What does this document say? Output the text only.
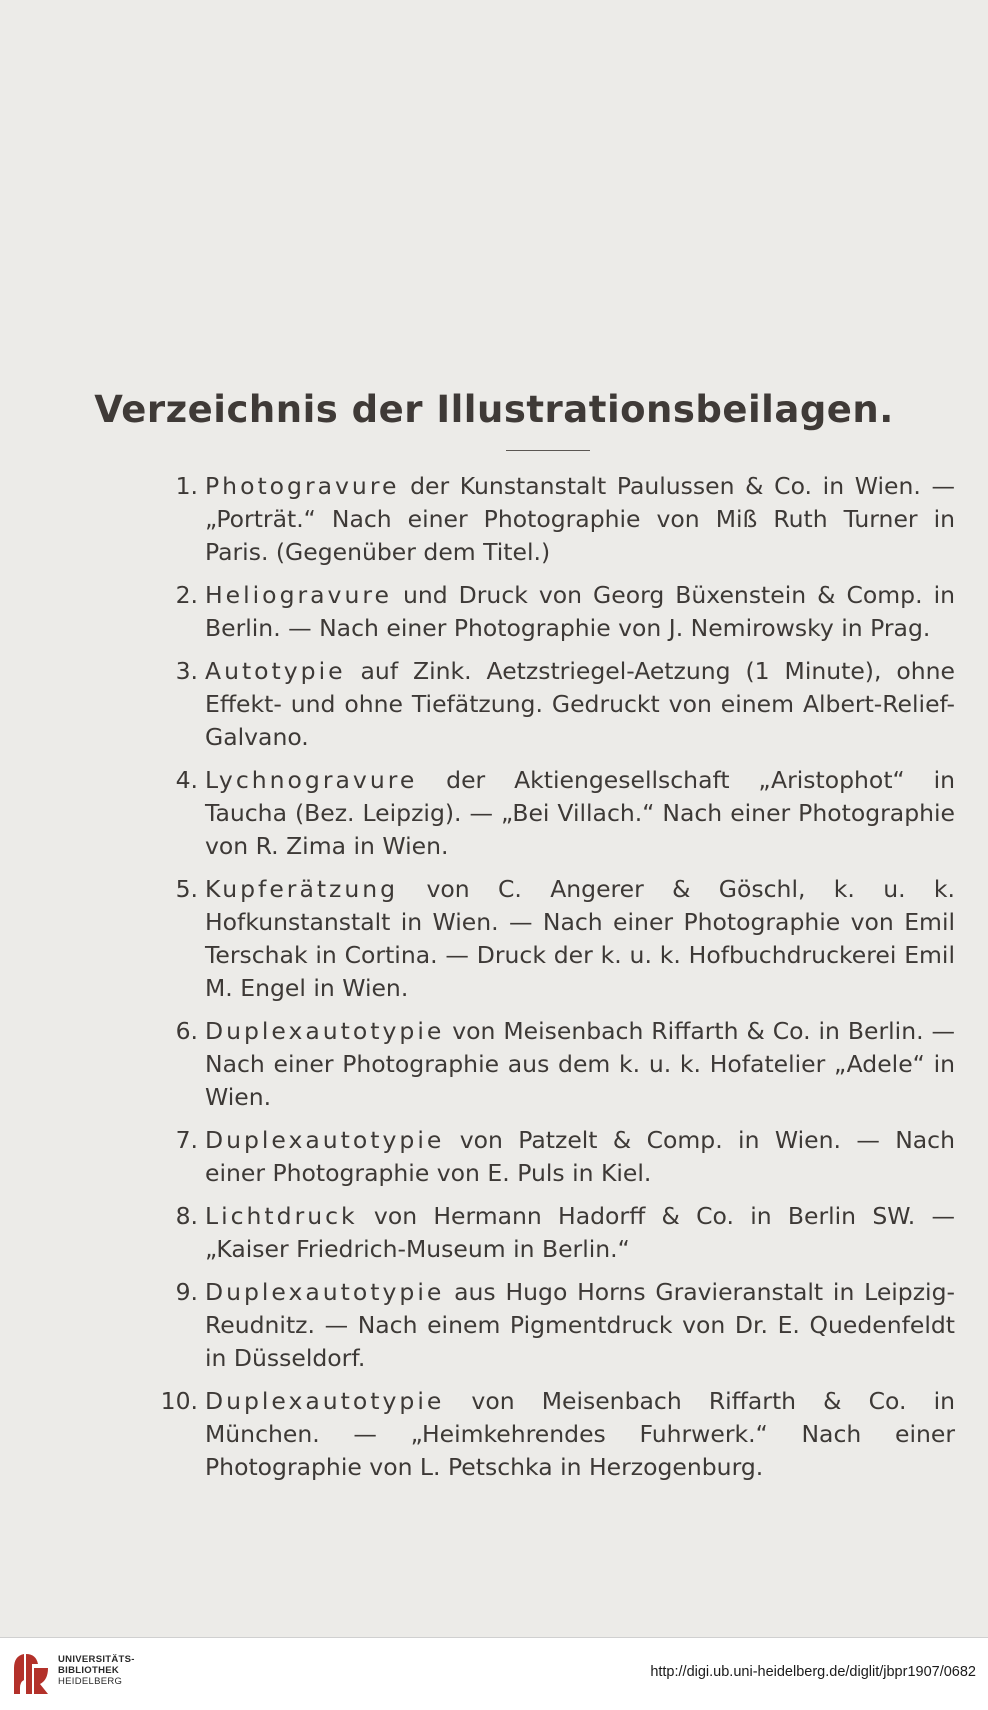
Verzeichnis der Illustrationsbeilagen.
1. Photogravure der Kunstanstalt Paulussen & Co. in Wien. — „Porträt.“ Nach einer Photographie von Miß Ruth Turner in Paris. (Gegenüber dem Titel.)
2. Heliogravure und Druck von Georg Büxenstein & Comp. in Berlin. — Nach einer Photographie von J. Nemirowsky in Prag.
3. Autotypie auf Zink. Aetzstriegel-Aetzung (1 Minute), ohne Effekt- und ohne Tiefätzung. Gedruckt von einem Albert-Relief-Galvano.
4. Lychnogravure der Aktiengesellschaft „Aristophot“ in Taucha (Bez. Leipzig). — „Bei Villach.“ Nach einer Photographie von R. Zima in Wien.
5. Kupferätzung von C. Angerer & Göschl, k. u. k. Hofkunstanstalt in Wien. — Nach einer Photographie von Emil Terschak in Cortina. — Druck der k. u. k. Hofbuchdruckerei Emil M. Engel in Wien.
6. Duplexautotypie von Meisenbach Riffarth & Co. in Berlin. — Nach einer Photographie aus dem k. u. k. Hofatelier „Adele“ in Wien.
7. Duplexautotypie von Patzelt & Comp. in Wien. — Nach einer Photographie von E. Puls in Kiel.
8. Lichtdruck von Hermann Hadorff & Co. in Berlin SW. — „Kaiser Friedrich-Museum in Berlin.“
9. Duplexautotypie aus Hugo Horns Gravieranstalt in Leipzig-Reudnitz. — Nach einem Pigmentdruck von Dr. E. Quedenfeldt in Düsseldorf.
10. Duplexautotypie von Meisenbach Riffarth & Co. in München. — „Heimkehrendes Fuhrwerk.“ Nach einer Photographie von L. Petschka in Herzogenburg.
UNIVERSITÄTS-
BIBLIOTHEK
HEIDELBERG
http://digi.ub.uni-heidelberg.de/diglit/jbpr1907/0682
